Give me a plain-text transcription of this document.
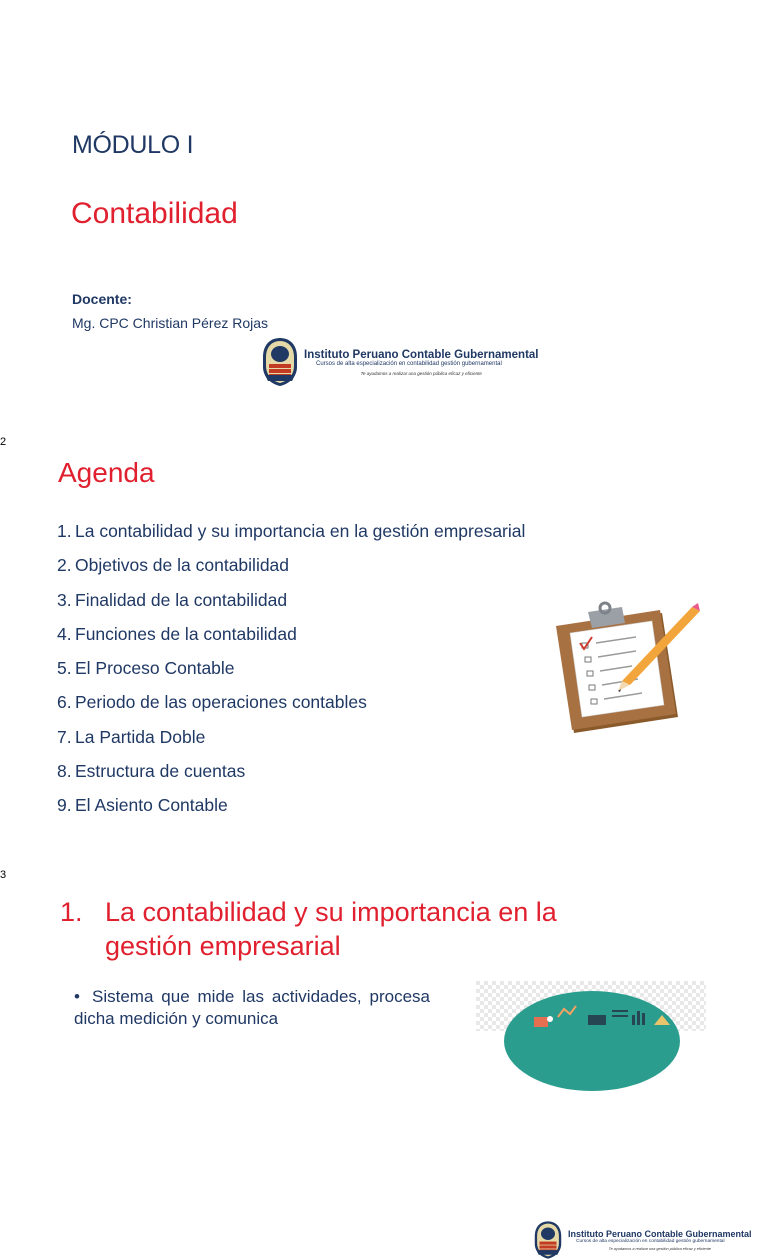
MÓDULO I
Contabilidad
Docente:
Mg. CPC Christian Pérez Rojas
Instituto Peruano Contable Gubernamental
Cursos de alta especialización en contabilidad gestión gubernamental
Te ayudamos a realizar una gestión pública eficaz y eficiente
2
Agenda
1. La contabilidad y su importancia en la gestión empresarial
2. Objetivos de la contabilidad
3. Finalidad de la contabilidad
4. Funciones de la contabilidad
5. El Proceso Contable
6. Periodo de las operaciones contables
7. La Partida Doble
8. Estructura de cuentas
9. El Asiento Contable
Instituto Peruano Contable Gubernamental
Cursos de alta especialización en contabilidad gestión gubernamental
Te ayudamos a realizar una gestión pública eficaz y eficiente
3
1. La contabilidad y su importancia en la
gestión empresarial
• Sistema que mide las actividades, procesa dicha medición y comunica
